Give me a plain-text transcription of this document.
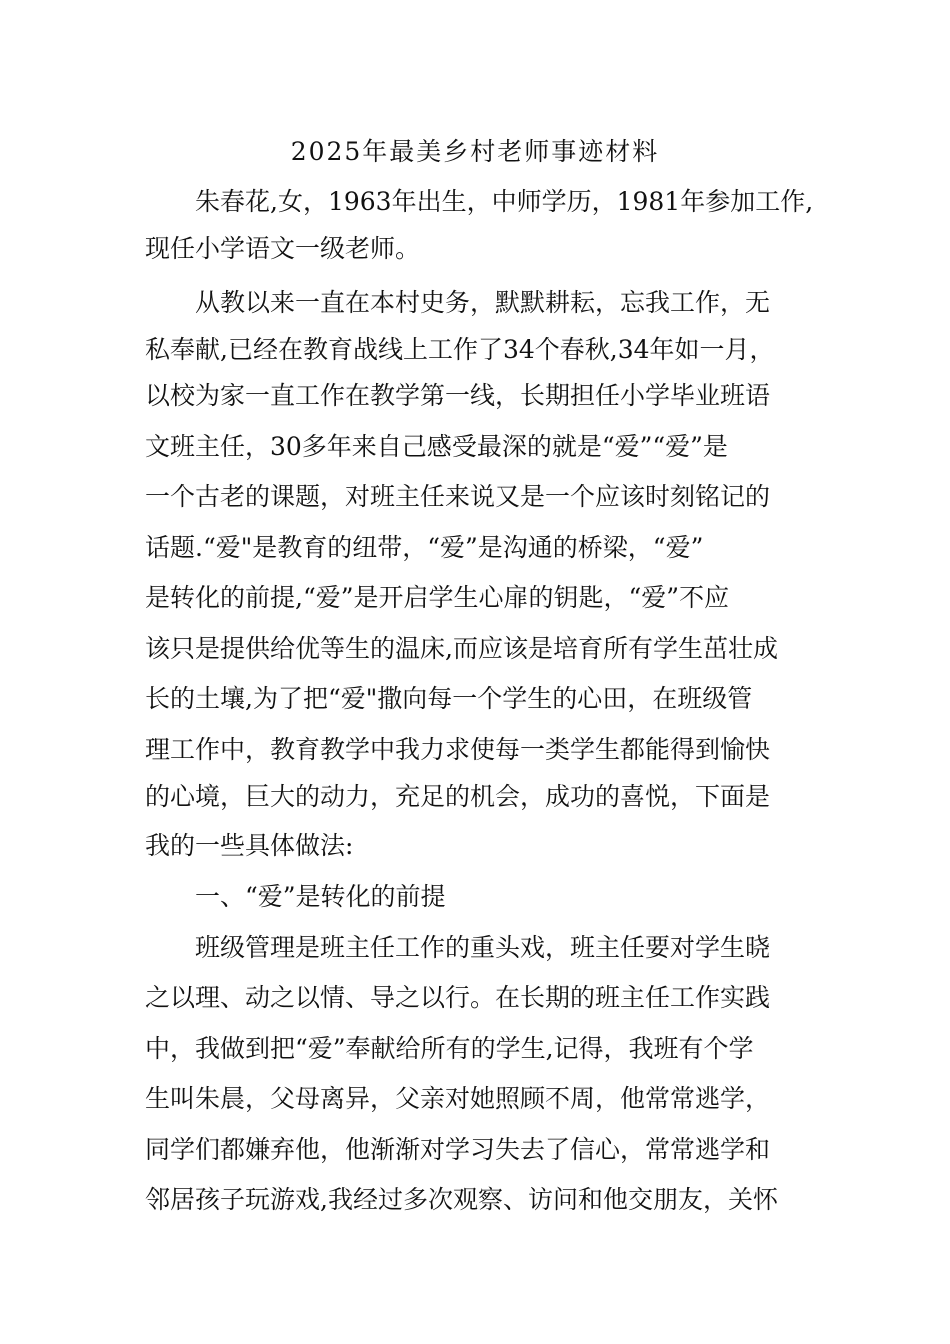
2025年最美乡村老师事迹材料
朱春花,女，1963年出生，中师学历，1981年参加工作,
现任小学语文一级老师。
从教以来一直在本村史务，默默耕耘，忘我工作，无
私奉献,已经在教育战线上工作了34个春秋,34年如一月，
以校为家一直工作在教学第一线，长期担任小学毕业班语
文班主任，30多年来自己感受最深的就是“爱”“爱”是
一个古老的课题，对班主任来说又是一个应该时刻铭记的
话题.“爱"是教育的纽带，“爱”是沟通的桥梁，“爱”
是转化的前提,“爱”是开启学生心扉的钥匙，“爱”不应
该只是提供给优等生的温床,而应该是培育所有学生茁壮成
长的土壤,为了把“爱"撒向每一个学生的心田，在班级管
理工作中，教育教学中我力求使每一类学生都能得到愉快
的心境，巨大的动力，充足的机会，成功的喜悦，下面是
我的一些具体做法:
一、“爱”是转化的前提
班级管理是班主任工作的重头戏，班主任要对学生晓
之以理、动之以情、导之以行。在长期的班主任工作实践
中，我做到把“爱”奉献给所有的学生,记得，我班有个学
生叫朱晨，父母离异，父亲对她照顾不周，他常常逃学，
同学们都嫌弃他，他渐渐对学习失去了信心，常常逃学和
邻居孩子玩游戏,我经过多次观察、访问和他交朋友，关怀
